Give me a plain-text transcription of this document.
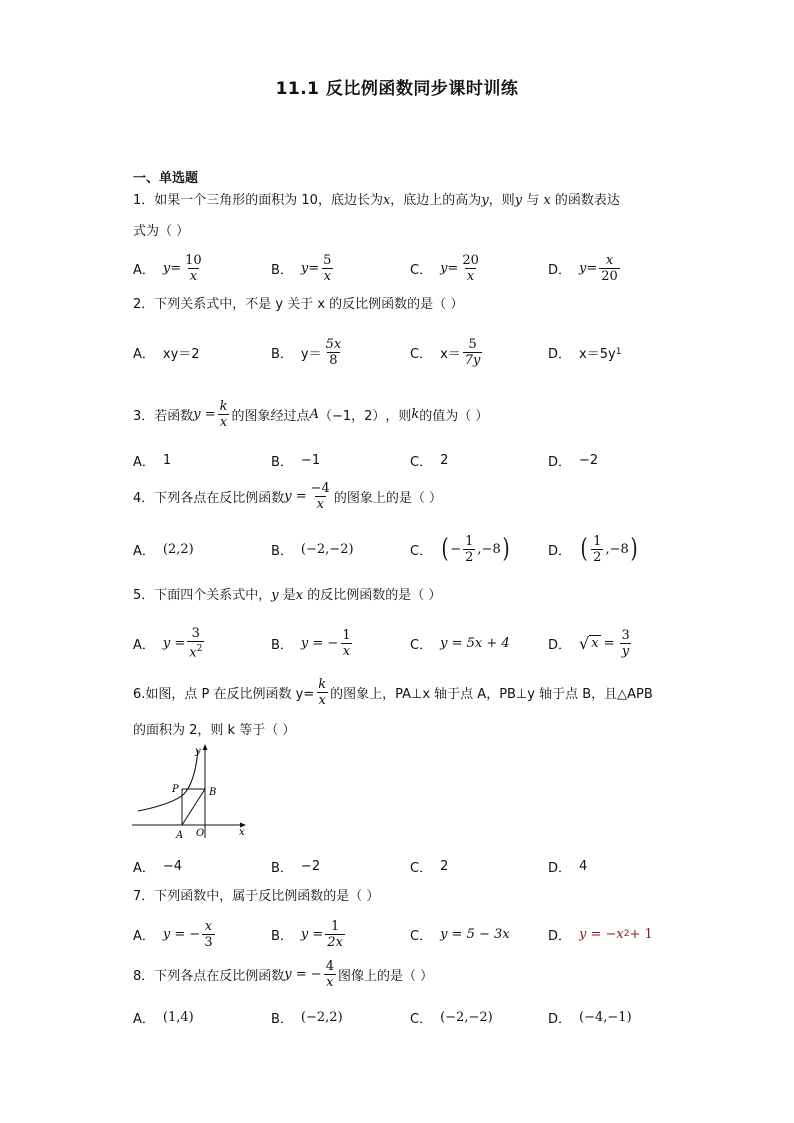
11.1 反比例函数同步课时训练
一、单选题
1．如果一个三角形的面积为 10，底边长为x，底边上的高为y，则y 与 x 的函数表达
式为（ ）
A． $y= \frac{10}{x}$	B． $y= \frac{5}{x}$	C． $y= \frac{20}{x}$	D． $y= \frac{x}{20}$
2．下列关系式中，不是 y 关于 x 的反比例函数的是（ ）
A． xy＝2	B． $y= \frac{5x}{8}$	C． $x= \frac{5}{7y}$	D． x＝5y 1
3．若函数 $y = \frac{k}{x}$ 的图象经过点 A （−1，2） ，则 k 的值为（ ）
A． 1	B． −1	C． 2	D． −2
4．下列各点在反比例函数 $y = \frac{-4}{x}$ 的图象上的是（ ）
A． ( 2,2 )	B． ( −2,−2 )	C． ( − $\frac{1}{2} ,-8$ )	D． ( $\frac{1}{2} ,-8$ )
5．下面四个关系式中，y 是x 的反比例函数的是（ ）
A． $y = \frac{3}{x^2}$	B． y = − $\frac{1}{x}$	C． y = 5x + 4	D． √ $x = \frac{3}{y}$
6.如图，点 P 在反比例函数 $y= \frac{k}{x}$ 的图象上，PA⊥x 轴于点 A，PB⊥y 轴于点 B，且△APB
的面积为 2，则 k 等于（ ）
y
x
P	B
A O
A． −4	B． −2	C． 2	D． 4
7．下列函数中，属于反比例函数的是（ ）
A． y = − $\frac{x}{3}$	B． $y = \frac{1}{2x}$	C． y = 5 − 3x	D． y = −x 2 + 1
8．下列各点在反比例函数 y = − $\frac{4}{x}$ 图像上的是（ ）
A． ( 1,4 )	B． ( −2,2 )	C． ( −2,−2 )	D． ( −4,−1 )
